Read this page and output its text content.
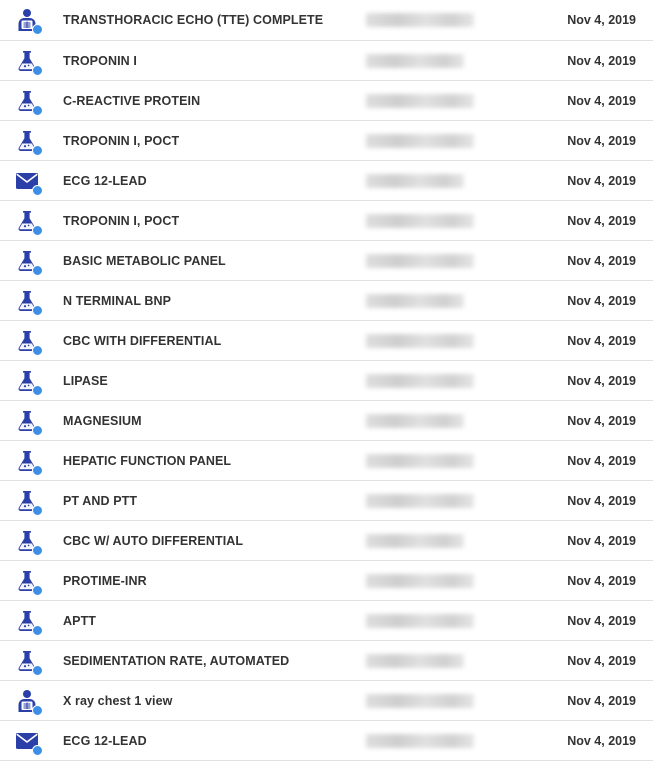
TRANSTHORACIC ECHO (TTE) COMPLETE	Nov 4, 2019
TROPONIN I	Nov 4, 2019
C-REACTIVE PROTEIN	Nov 4, 2019
TROPONIN I, POCT	Nov 4, 2019
ECG 12-LEAD	Nov 4, 2019
TROPONIN I, POCT	Nov 4, 2019
BASIC METABOLIC PANEL	Nov 4, 2019
N TERMINAL BNP	Nov 4, 2019
CBC WITH DIFFERENTIAL	Nov 4, 2019
LIPASE	Nov 4, 2019
MAGNESIUM	Nov 4, 2019
HEPATIC FUNCTION PANEL	Nov 4, 2019
PT AND PTT	Nov 4, 2019
CBC W/ AUTO DIFFERENTIAL	Nov 4, 2019
PROTIME-INR	Nov 4, 2019
APTT	Nov 4, 2019
SEDIMENTATION RATE, AUTOMATED	Nov 4, 2019
X ray chest 1 view	Nov 4, 2019
ECG 12-LEAD	Nov 4, 2019
